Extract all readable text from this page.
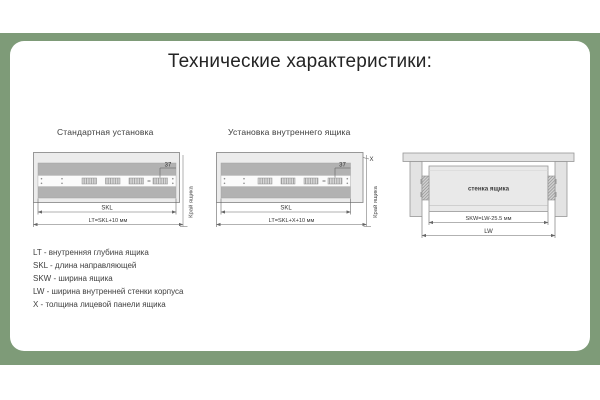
Технические характеристики:
Стандартная установка	Установка внутреннего ящика
37
SKL
LT=SKL+10 мм
Край ящика
37
X
SKL
LT=SKL+X+10 мм
Край ящика	стенка ящика
SKW=LW-25.5 мм
LW
LT - внутренняя глубина ящика
SKL - длина направляющей
SKW - ширина ящика
LW - ширина внутренней стенки корпуса
X - толщина лицевой панели ящика
